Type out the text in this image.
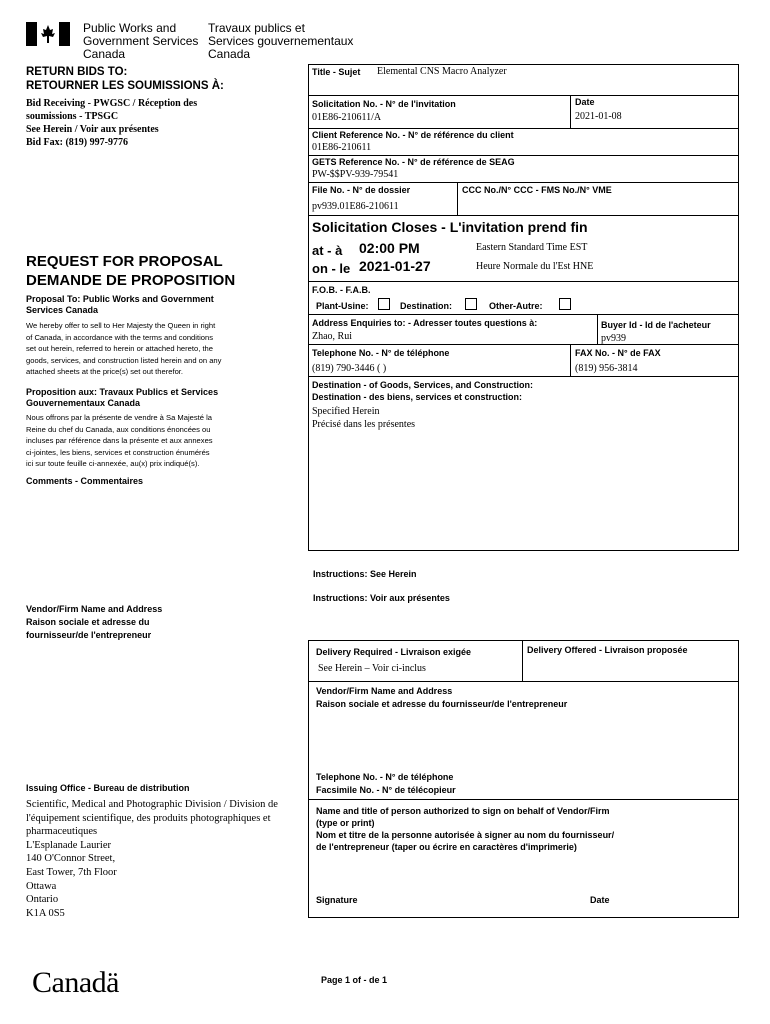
Public Works and
Government Services
Canada
Travaux publics et
Services gouvernementaux
Canada
RETURN BIDS TO:
RETOURNER LES SOUMISSIONS À:
Bid Receiving - PWGSC / Réception des
soumissions - TPSGC
See Herein / Voir aux présentes
Bid Fax: (819) 997-9776
REQUEST FOR PROPOSAL
DEMANDE DE PROPOSITION
Proposal To: Public Works and Government
Services Canada
We hereby offer to sell to Her Majesty the Queen in right
of Canada, in accordance with the terms and conditions
set out herein, referred to herein or attached hereto, the
goods, services, and construction listed herein and on any
attached sheets at the price(s) set out therefor.
Proposition aux: Travaux Publics et Services
Gouvernementaux Canada
Nous offrons par la présente de vendre à Sa Majesté la
Reine du chef du Canada, aux conditions énoncées ou
incluses par référence dans la présente et aux annexes
ci-jointes, les biens, services et construction énumérés
ici sur toute feuille ci-annexée, au(x) prix indiqué(s).
Comments - Commentaires
Vendor/Firm Name and Address
Raison sociale et adresse du
fournisseur/de l'entrepreneur
Issuing Office - Bureau de distribution
Scientific, Medical and Photographic Division / Division de
l'équipement scientifique, des produits photographiques et
pharmaceutiques
L'Esplanade Laurier
140 O'Connor Street,
East Tower, 7th Floor
Ottawa
Ontario
K1A 0S5
Title - Sujet Elemental CNS Macro Analyzer
Solicitation No. - N° de l'invitation
01E86-210611/A
Date
2021-01-08
Client Reference No. - N° de référence du client
01E86-210611
GETS Reference No. - N° de référence de SEAG
PW-$$PV-939-79541
File No. - N° de dossier
pv939.01E86-210611
CCC No./N° CCC - FMS No./N° VME
Solicitation Closes - L'invitation prend fin
at - à 02:00 PM
on - le 2021-01-27
Eastern Standard Time EST
Heure Normale du l'Est HNE
F.O.B. - F.A.B.
Plant-Usine:	Destination:	Other-Autre:
Address Enquiries to: - Adresser toutes questions à:
Zhao, Rui
Buyer Id - Id de l'acheteur
pv939
Telephone No. - N° de téléphone
(819) 790-3446 ( )
FAX No. - N° de FAX
(819) 956-3814
Destination - of Goods, Services, and Construction:
Destination - des biens, services et construction:
Specified Herein
Précisé dans les présentes
Instructions: See Herein
Instructions: Voir aux présentes
Delivery Required - Livraison exigée
See Herein – Voir ci-inclus
Delivery Offered - Livraison proposée
Vendor/Firm Name and Address
Raison sociale et adresse du fournisseur/de l'entrepreneur
Telephone No. - N° de téléphone
Facsimile No. - N° de télécopieur
Name and title of person authorized to sign on behalf of Vendor/Firm
(type or print)
Nom et titre de la personne autorisée à signer au nom du fournisseur/
de l'entrepreneur (taper ou écrire en caractères d'imprimerie)
Signature	Date
Canadä	Page 1 of - de 1
